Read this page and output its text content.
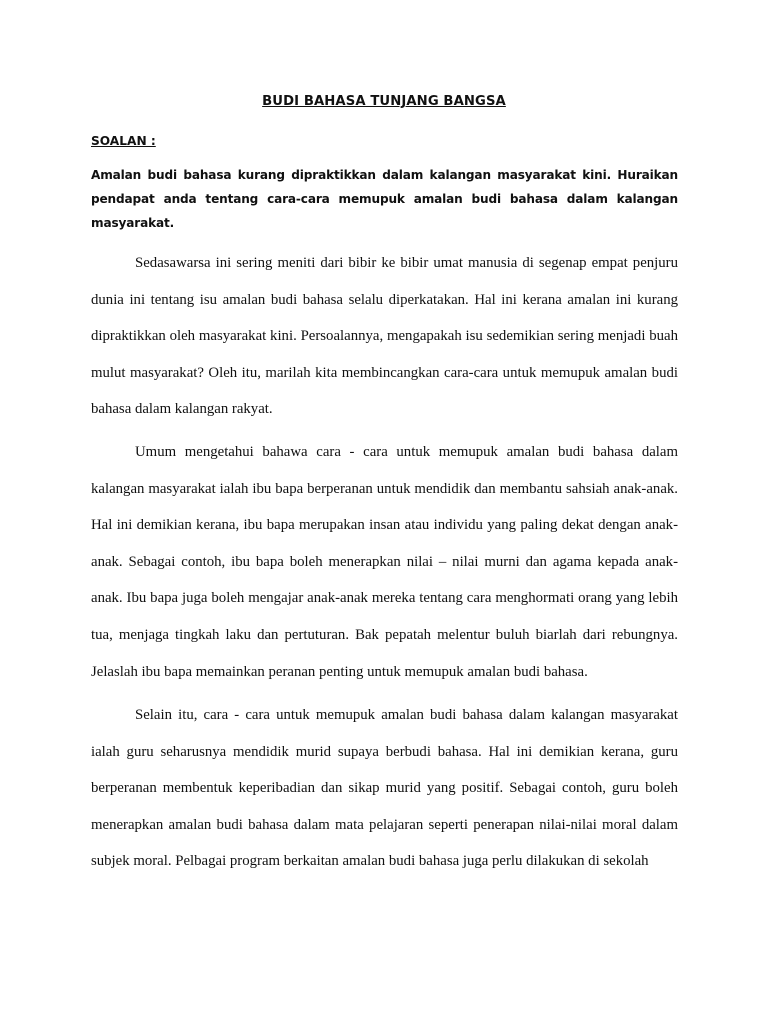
BUDI BAHASA TUNJANG BANGSA
SOALAN :
Amalan budi bahasa kurang dipraktikkan dalam kalangan masyarakat kini. Huraikan pendapat anda tentang cara-cara memupuk amalan budi bahasa dalam kalangan masyarakat.
Sedasawarsa ini sering meniti dari bibir ke bibir umat manusia di segenap empat penjuru dunia ini tentang isu amalan budi bahasa selalu diperkatakan. Hal ini kerana amalan ini kurang dipraktikkan oleh masyarakat kini. Persoalannya, mengapakah isu sedemikian sering menjadi buah mulut masyarakat? Oleh itu, marilah kita membincangkan cara-cara untuk memupuk amalan budi bahasa dalam kalangan rakyat.
Umum mengetahui bahawa cara - cara untuk memupuk amalan budi bahasa dalam kalangan masyarakat ialah ibu bapa berperanan untuk mendidik dan membantu sahsiah anak-anak. Hal ini demikian kerana, ibu bapa merupakan insan atau individu yang paling dekat dengan anak-anak. Sebagai contoh, ibu bapa boleh menerapkan nilai – nilai murni dan agama kepada anak-anak. Ibu bapa juga boleh mengajar anak-anak mereka tentang cara menghormati orang yang lebih tua, menjaga tingkah laku dan pertuturan. Bak pepatah melentur buluh biarlah dari rebungnya. Jelaslah ibu bapa memainkan peranan penting untuk memupuk amalan budi bahasa.
Selain itu, cara - cara untuk memupuk amalan budi bahasa dalam kalangan masyarakat ialah guru seharusnya mendidik murid supaya berbudi bahasa. Hal ini demikian kerana, guru berperanan membentuk keperibadian dan sikap murid yang positif. Sebagai contoh, guru boleh menerapkan amalan budi bahasa dalam mata pelajaran seperti penerapan nilai-nilai moral dalam subjek moral. Pelbagai program berkaitan amalan budi bahasa juga perlu dilakukan di sekolah
